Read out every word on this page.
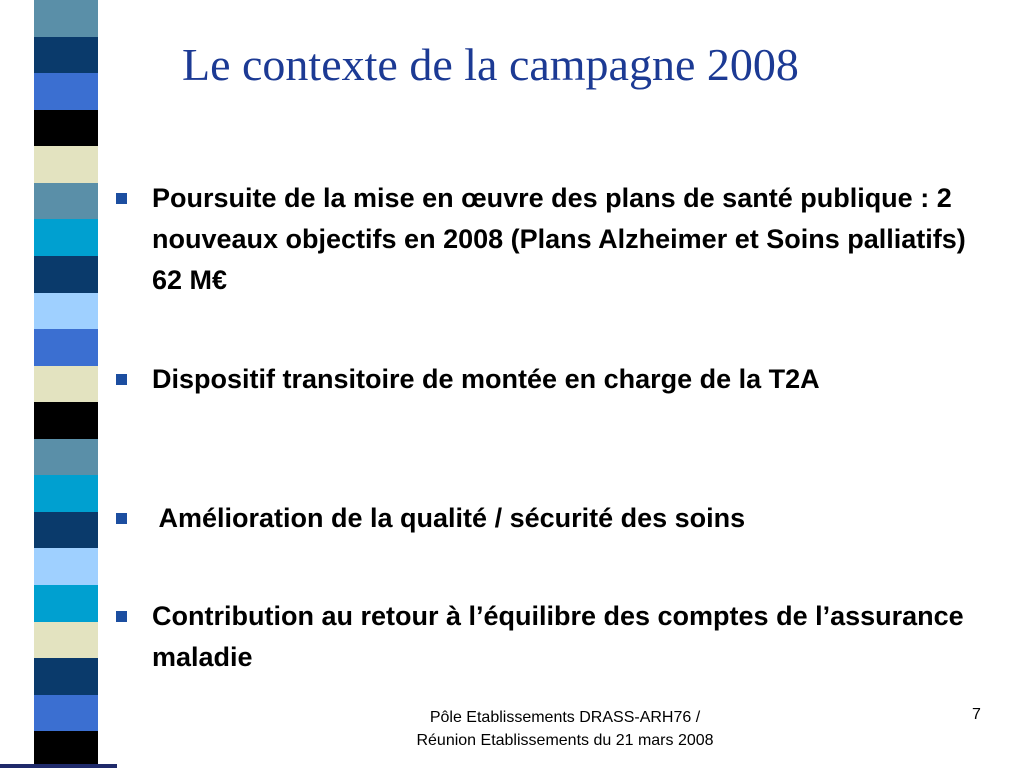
Le contexte de la campagne 2008
Poursuite de la mise en œuvre des plans de santé publique : 2 nouveaux objectifs en 2008 (Plans Alzheimer et Soins palliatifs) 62 M€
Dispositif transitoire de montée en charge de la T2A
Amélioration de la qualité / sécurité des soins
Contribution au retour à l’équilibre des comptes de l’assurance maladie
Pôle Etablissements DRASS-ARH76 / Réunion Etablissements du 21 mars 2008
7
